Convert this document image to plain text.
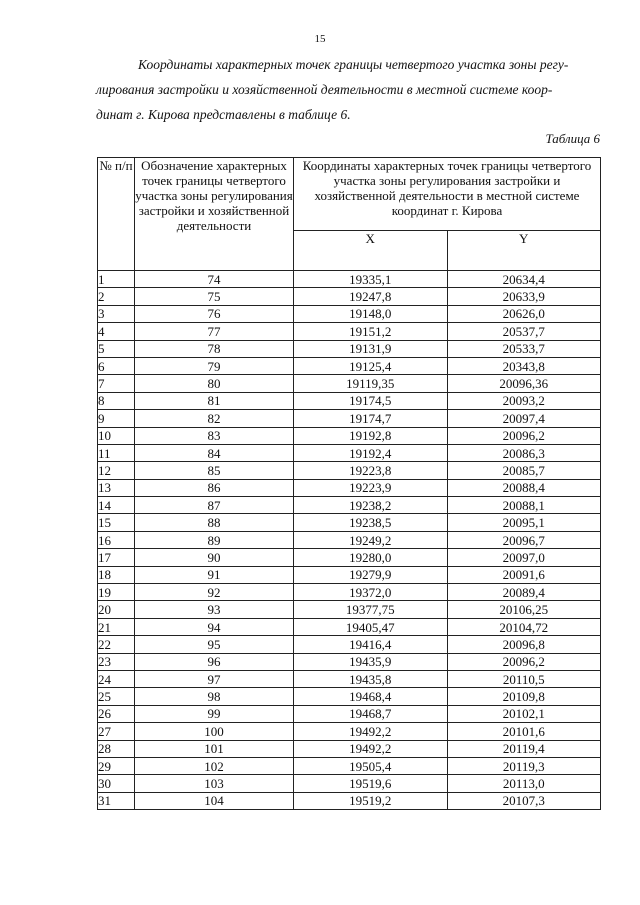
15
Координаты характерных точек границы четвертого участка зоны регу-
лирования застройки и хозяйственной деятельности в местной системе коор-
динат г. Кирова представлены в таблице 6.
Таблица 6
№ п/п	Обозначение характерных точек границы четвертого участка зоны регулирования застройки и хозяйственной деятельности	Координаты характерных точек границы четвертого участка зоны регулирования застройки и хозяйственной деятельности в местной системе координат г. Кирова	
		X	Y
1	74	19335,1	20634,4
2	75	19247,8	20633,9
3	76	19148,0	20626,0
4	77	19151,2	20537,7
5	78	19131,9	20533,7
6	79	19125,4	20343,8
7	80	19119,35	20096,36
8	81	19174,5	20093,2
9	82	19174,7	20097,4
10	83	19192,8	20096,2
11	84	19192,4	20086,3
12	85	19223,8	20085,7
13	86	19223,9	20088,4
14	87	19238,2	20088,1
15	88	19238,5	20095,1
16	89	19249,2	20096,7
17	90	19280,0	20097,0
18	91	19279,9	20091,6
19	92	19372,0	20089,4
20	93	19377,75	20106,25
21	94	19405,47	20104,72
22	95	19416,4	20096,8
23	96	19435,9	20096,2
24	97	19435,8	20110,5
25	98	19468,4	20109,8
26	99	19468,7	20102,1
27	100	19492,2	20101,6
28	101	19492,2	20119,4
29	102	19505,4	20119,3
30	103	19519,6	20113,0
31	104	19519,2	20107,3
